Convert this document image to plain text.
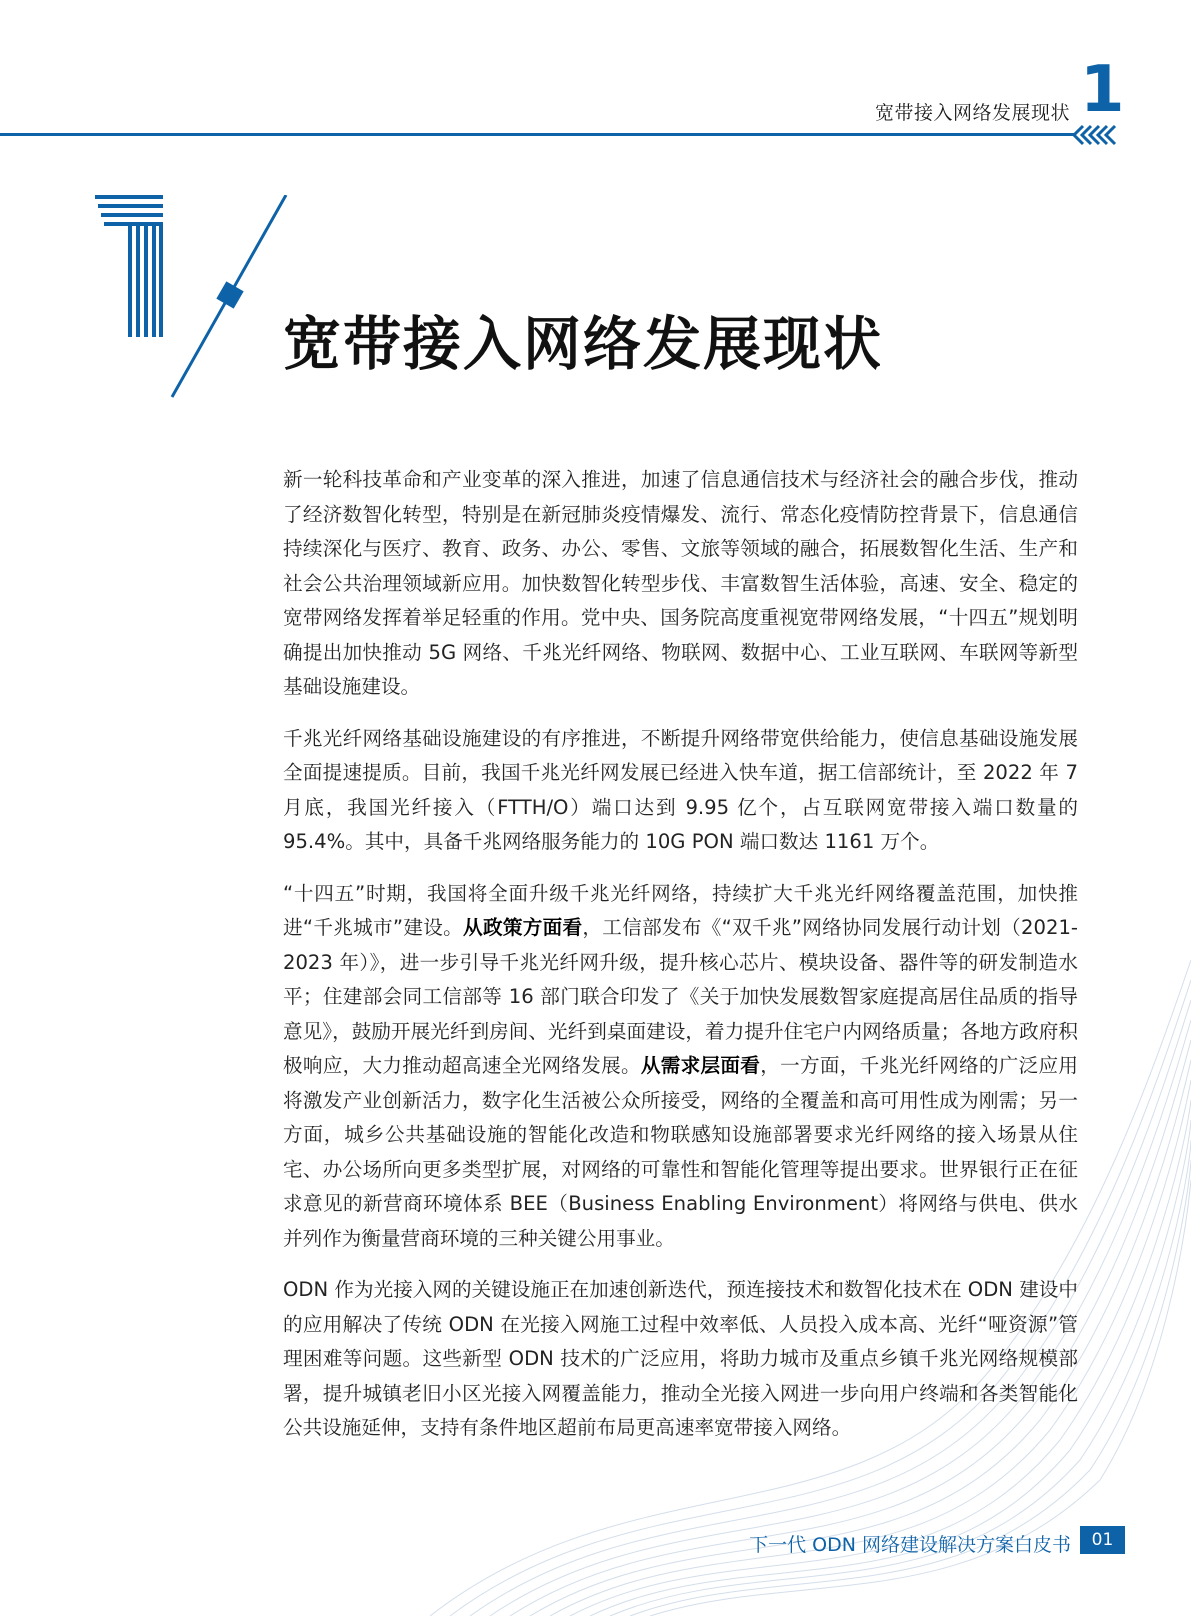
宽带接入网络发展现状 1
宽带接入网络发展现状

新一轮科技革命和产业变革的深入推进，加速了信息通信技术与经济社会的融合步伐，推动了经济数智化转型，特别是在新冠肺炎疫情爆发、流行、常态化疫情防控背景下，信息通信持续深化与医疗、教育、政务、办公、零售、文旅等领域的融合，拓展数智化生活、生产和社会公共治理领域新应用。加快数智化转型步伐、丰富数智生活体验，高速、安全、稳定的宽带网络发挥着举足轻重的作用。党中央、国务院高度重视宽带网络发展，“十四五”规划明确提出加快推动 5G 网络、千兆光纤网络、物联网、数据中心、工业互联网、车联网等新型基础设施建设。

千兆光纤网络基础设施建设的有序推进，不断提升网络带宽供给能力，使信息基础设施发展全面提速提质。目前，我国千兆光纤网发展已经进入快车道，据工信部统计，至 2022 年 7 月底，我国光纤接入（FTTH/O）端口达到 9.95 亿个，占互联网宽带接入端口数量的 95.4%。其中，具备千兆网络服务能力的 10G PON 端口数达 1161 万个。

“十四五”时期，我国将全面升级千兆光纤网络，持续扩大千兆光纤网络覆盖范围，加快推进“千兆城市”建设。从政策方面看，工信部发布《“双千兆”网络协同发展行动计划（2021-2023 年）》，进一步引导千兆光纤网升级，提升核心芯片、模块设备、器件等的研发制造水平；住建部会同工信部等 16 部门联合印发了《关于加快发展数智家庭提高居住品质的指导意见》，鼓励开展光纤到房间、光纤到桌面建设，着力提升住宅户内网络质量；各地方政府积极响应，大力推动超高速全光网络发展。从需求层面看，一方面，千兆光纤网络的广泛应用将激发产业创新活力，数字化生活被公众所接受，网络的全覆盖和高可用性成为刚需；另一方面，城乡公共基础设施的智能化改造和物联感知设施部署要求光纤网络的接入场景从住宅、办公场所向更多类型扩展，对网络的可靠性和智能化管理等提出要求。世界银行正在征求意见的新营商环境体系 BEE（Business Enabling Environment）将网络与供电、供水并列作为衡量营商环境的三种关键公用事业。

ODN 作为光接入网的关键设施正在加速创新迭代，预连接技术和数智化技术在 ODN 建设中的应用解决了传统 ODN 在光接入网施工过程中效率低、人员投入成本高、光纤“哑资源”管理困难等问题。这些新型 ODN 技术的广泛应用，将助力城市及重点乡镇千兆光网络规模部署，提升城镇老旧小区光接入网覆盖能力，推动全光接入网进一步向用户终端和各类智能化公共设施延伸，支持有条件地区超前布局更高速率宽带接入网络。

下一代 ODN 网络建设解决方案白皮书	01
